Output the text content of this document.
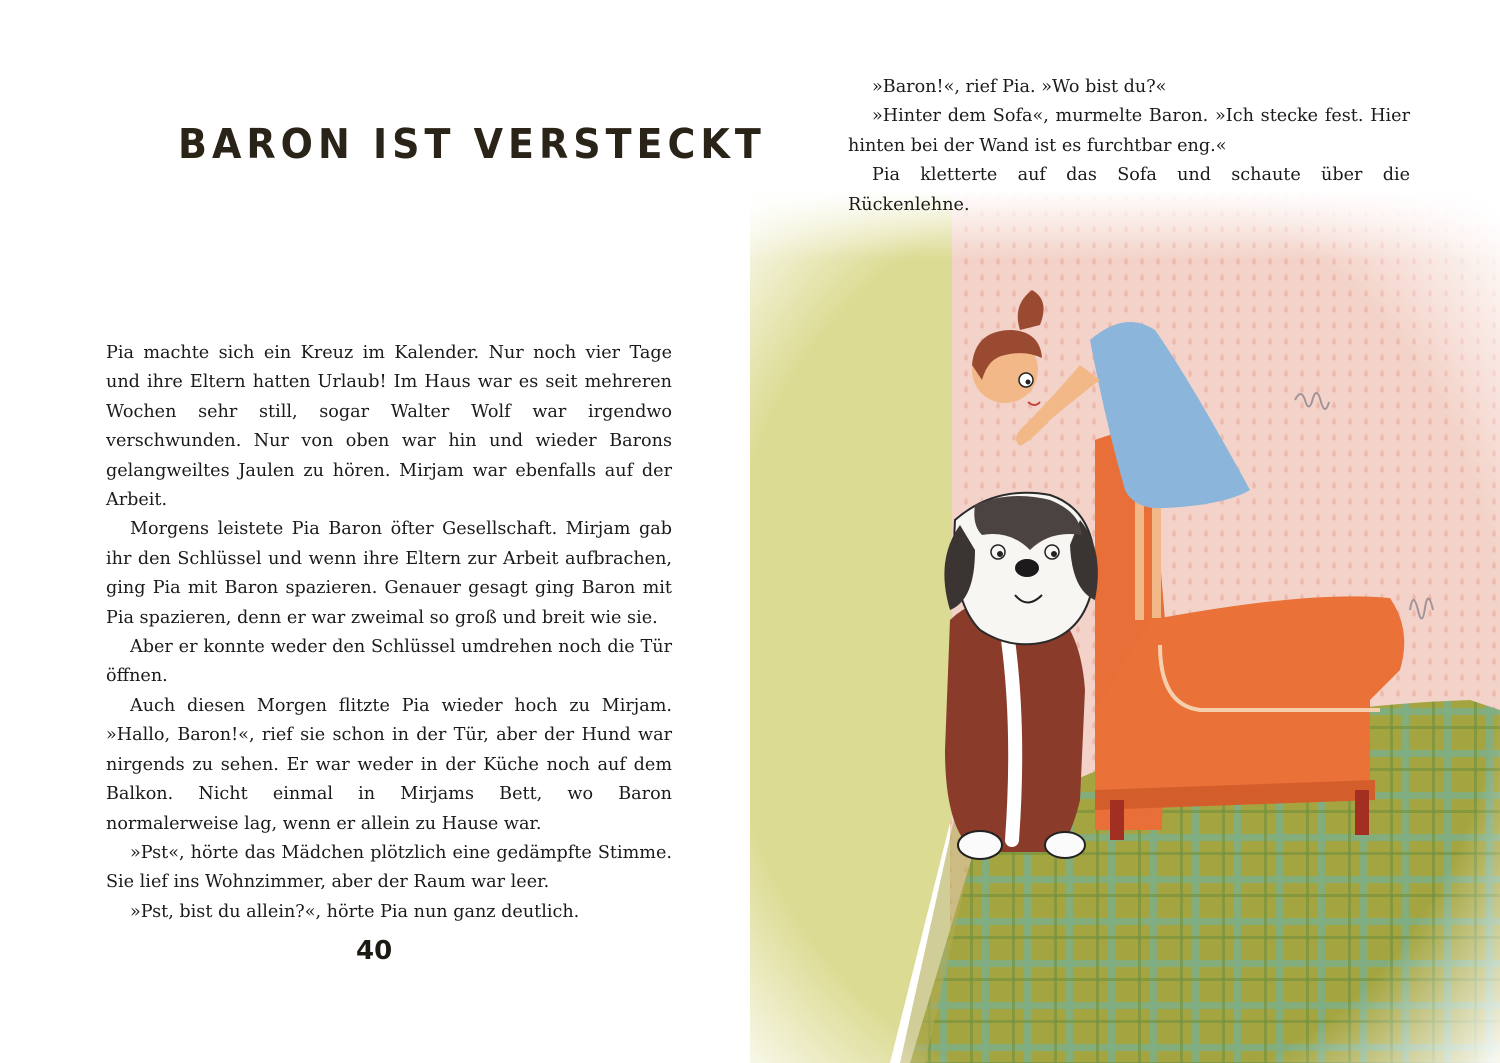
BARON IST VERSTECKT

Pia machte sich ein Kreuz im Kalender. Nur noch vier Tage und ihre Eltern hatten Urlaub! Im Haus war es seit mehreren Wochen sehr still, sogar Walter Wolf war irgendwo verschwunden. Nur von oben war hin und wieder Barons gelangweiltes Jaulen zu hören. Mirjam war ebenfalls auf der Arbeit.

Morgens leistete Pia Baron öfter Gesellschaft. Mirjam gab ihr den Schlüssel und wenn ihre Eltern zur Arbeit aufbrachen, ging Pia mit Baron spazieren. Genauer gesagt ging Baron mit Pia spazieren, denn er war zweimal so groß und breit wie sie.

Aber er konnte weder den Schlüssel umdrehen noch die Tür öffnen.

Auch diesen Morgen flitzte Pia wieder hoch zu Mirjam. »Hallo, Baron!«, rief sie schon in der Tür, aber der Hund war nirgends zu sehen. Er war weder in der Küche noch auf dem Balkon. Nicht einmal in Mirjams Bett, wo Baron normalerweise lag, wenn er allein zu Hause war.

»Pst«, hörte das Mädchen plötzlich eine gedämpfte Stimme. Sie lief ins Wohnzimmer, aber der Raum war leer.

»Pst, bist du allein?«, hörte Pia nun ganz deutlich.

40

»Baron!«, rief Pia. »Wo bist du?«

»Hinter dem Sofa«, murmelte Baron. »Ich stecke fest. Hier hinten bei der Wand ist es furchtbar eng.«

Pia kletterte auf das Sofa und schaute über die Rückenlehne.
